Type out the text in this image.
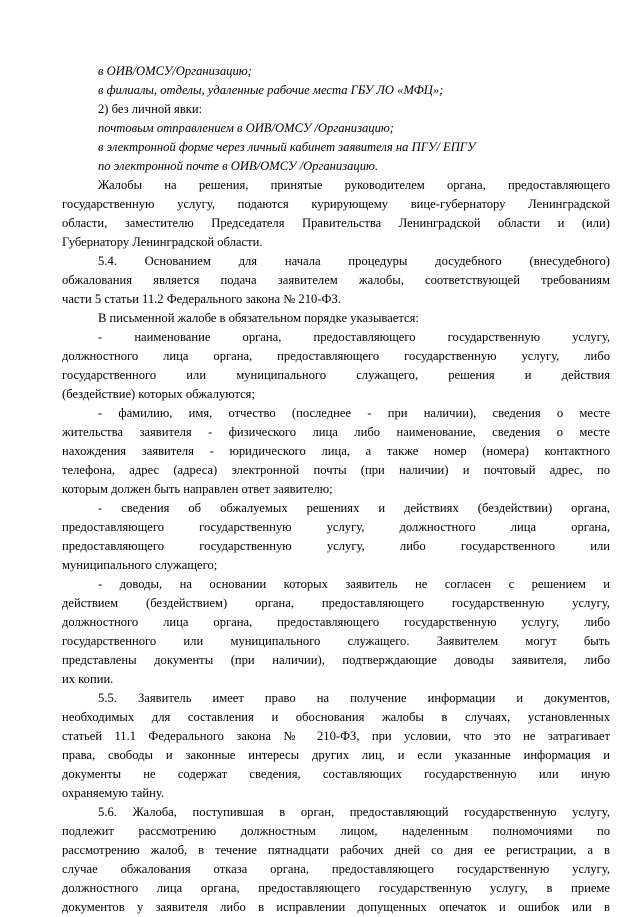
в ОИВ/ОМСУ/Организацию;
в филиалы, отделы, удаленные рабочие места ГБУ ЛО «МФЦ»;
2) без личной явки:
почтовым отправлением в ОИВ/ОМСУ /Организацию;
в электронной форме через личный кабинет заявителя на ПГУ/ ЕПГУ
по электронной почте в ОИВ/ОМСУ /Организацию.
Жалобы на решения, принятые руководителем органа, предоставляющего
государственную услугу, подаются курирующему вице-губернатору Ленинградской
области, заместителю Председателя Правительства Ленинградской области и (или)
Губернатору Ленинградской области.
5.4. Основанием для начала процедуры досудебного (внесудебного)
обжалования является подача заявителем жалобы, соответствующей требованиям
части 5 статьи 11.2 Федерального закона № 210-ФЗ.
В письменной жалобе в обязательном порядке указывается:
- наименование органа, предоставляющего государственную услугу,
должностного лица органа, предоставляющего государственную услугу, либо
государственного или муниципального служащего, решения и действия
(бездействие) которых обжалуются;
- фамилию, имя, отчество (последнее - при наличии), сведения о месте
жительства заявителя - физического лица либо наименование, сведения о месте
нахождения заявителя - юридического лица, а также номер (номера) контактного
телефона, адрес (адреса) электронной почты (при наличии) и почтовый адрес, по
которым должен быть направлен ответ заявителю;
- сведения об обжалуемых решениях и действиях (бездействии) органа,
предоставляющего государственную услугу, должностного лица органа,
предоставляющего государственную услугу, либо государственного или
муниципального служащего;
- доводы, на основании которых заявитель не согласен с решением и
действием (бездействием) органа, предоставляющего государственную услугу,
должностного лица органа, предоставляющего государственную услугу, либо
государственного или муниципального служащего. Заявителем могут быть
представлены документы (при наличии), подтверждающие доводы заявителя, либо
их копии.
5.5. Заявитель имеет право на получение информации и документов,
необходимых для составления и обоснования жалобы в случаях, установленных
статьей 11.1 Федерального закона № 210-ФЗ, при условии, что это не затрагивает
права, свободы и законные интересы других лиц, и если указанные информация и
документы не содержат сведения, составляющих государственную или иную
охраняемую тайну.
5.6. Жалоба, поступившая в орган, предоставляющий государственную услугу,
подлежит рассмотрению должностным лицом, наделенным полномочиями по
рассмотрению жалоб, в течение пятнадцати рабочих дней со дня ее регистрации, а в
случае обжалования отказа органа, предоставляющего государственную услугу,
должностного лица органа, предоставляющего государственную услугу, в приеме
документов у заявителя либо в исправлении допущенных опечаток и ошибок или в
